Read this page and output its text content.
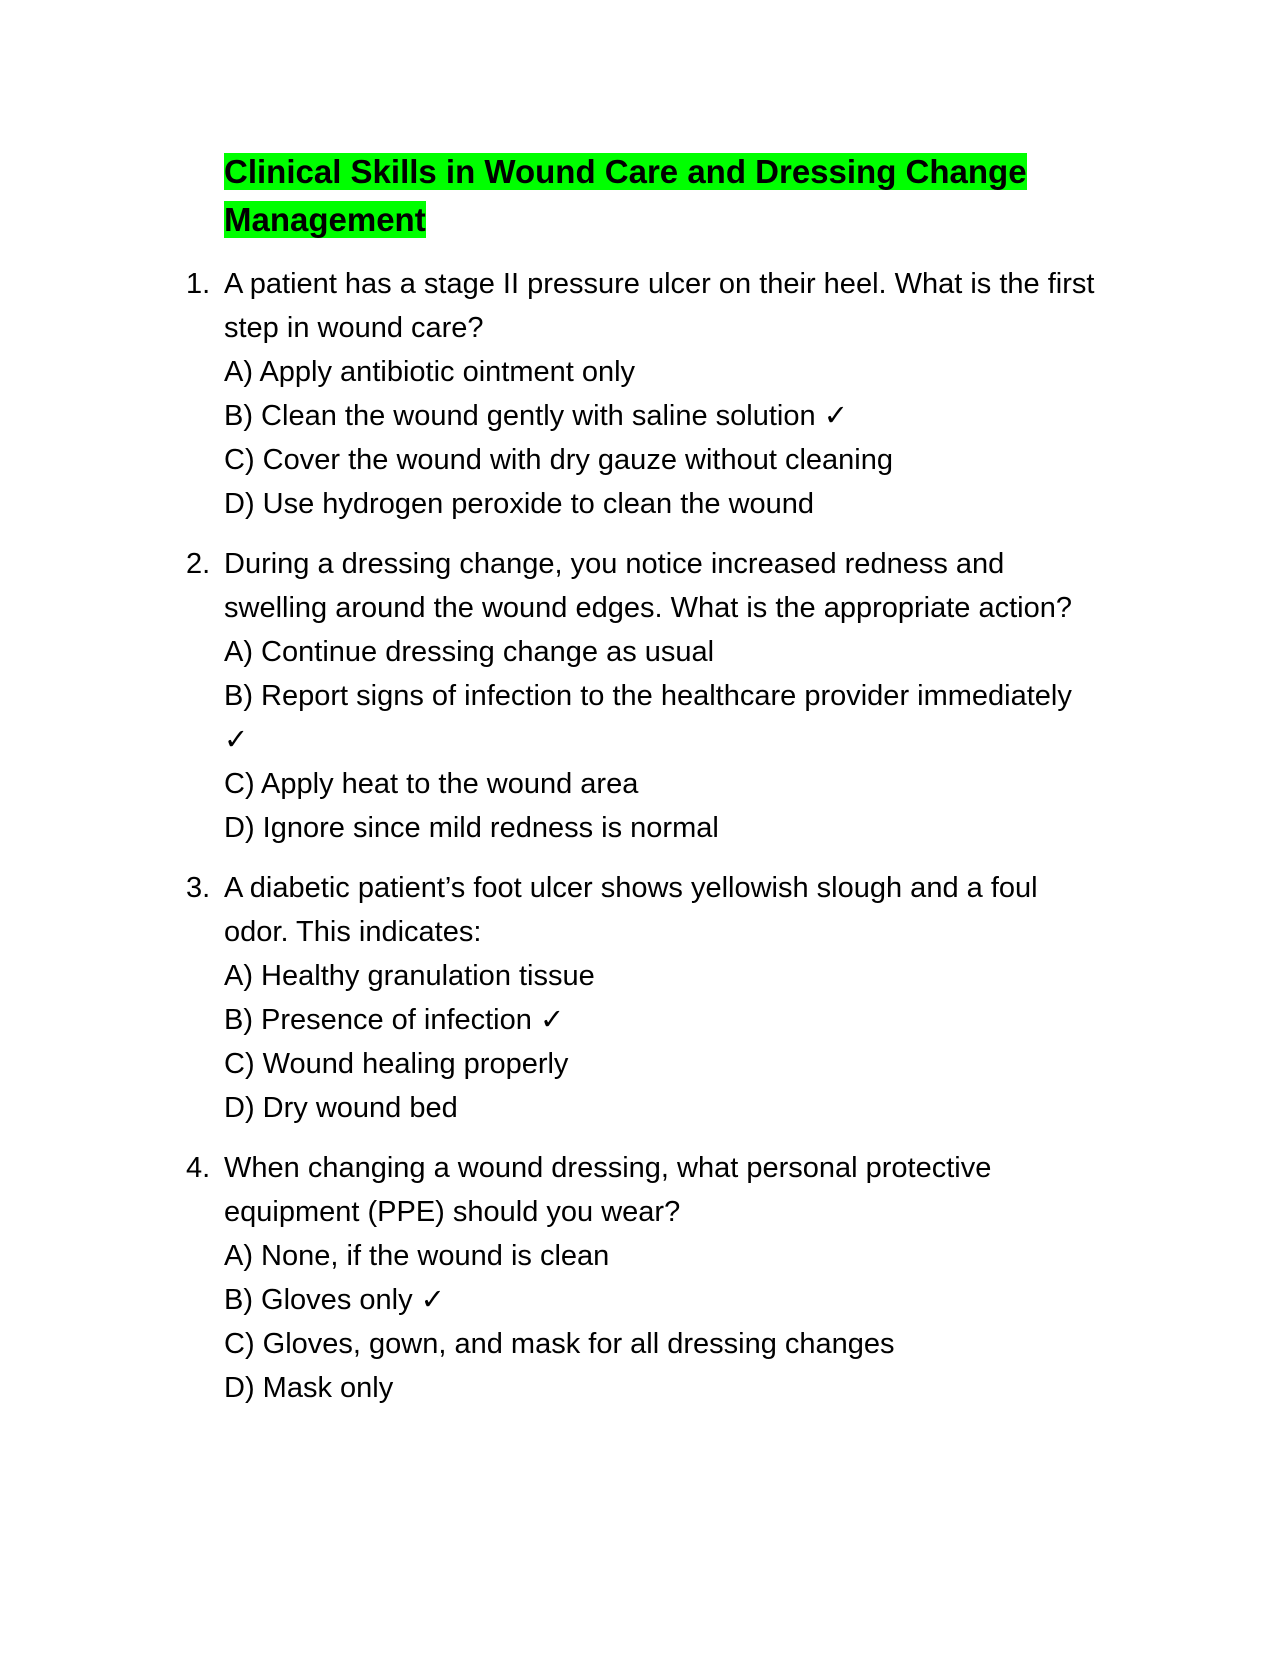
Clinical Skills in Wound Care and Dressing Change Management
1. A patient has a stage II pressure ulcer on their heel. What is the first step in wound care?

A) Apply antibiotic ointment only

B) Clean the wound gently with saline solution ✓

C) Cover the wound with dry gauze without cleaning

D) Use hydrogen peroxide to clean the wound

2. During a dressing change, you notice increased redness and swelling around the wound edges. What is the appropriate action?

A) Continue dressing change as usual

B) Report signs of infection to the healthcare provider immediately ✓

C) Apply heat to the wound area

D) Ignore since mild redness is normal

3. A diabetic patient’s foot ulcer shows yellowish slough and a foul odor. This indicates:

A) Healthy granulation tissue

B) Presence of infection ✓

C) Wound healing properly

D) Dry wound bed

4. When changing a wound dressing, what personal protective equipment (PPE) should you wear?

A) None, if the wound is clean

B) Gloves only ✓

C) Gloves, gown, and mask for all dressing changes

D) Mask only
